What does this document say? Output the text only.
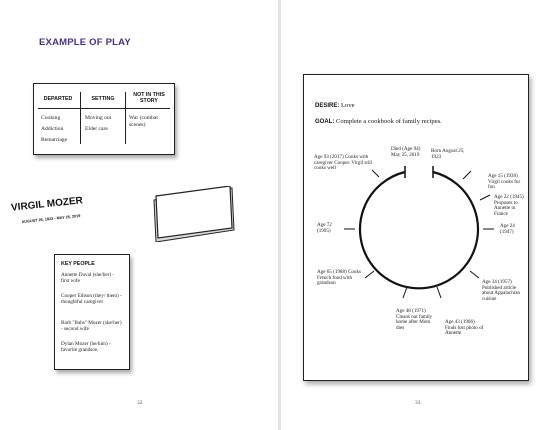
EXAMPLE OF PLAY
DEPARTED	SETTING
NOT IN THIS STORY
Cooking
Addiction
Remarriage
Moving out
Elder care
War (combat scenes)
VIRGIL MOZER
AUGUST 25, 1923 · MAY 25, 2019
KEY PEOPLE
Annette Duval (she/her) - first wife
Cooper Edison (they/ them) - thoughtful caregiver
Barb "Babs" Mozer (she/her) - second wife
Dylan Mozer (he/him) - favorite grandson
32
DESIRE: Love
GOAL: Complete a cookbook of family recipes.
Born August 25, 1923
Age 15 (1938) Virgil cooks for fun
Age 22 (1945) Proposes to Annette in France
Age 24 (1947)
Age 34 (1957) Published article about Appalachian cuisine
Age 43 (1966) Finds lost photo of Annette
Age 48 (1971) Cleans out family home after Mom dies
Age 65 (1988) Cooks French food with grandson
Age 72 (1995)
Age 93 (2017) Cooks with caregiver Cooper. Virgil still cooks well
Died (Age 94) May 25, 2019
33
